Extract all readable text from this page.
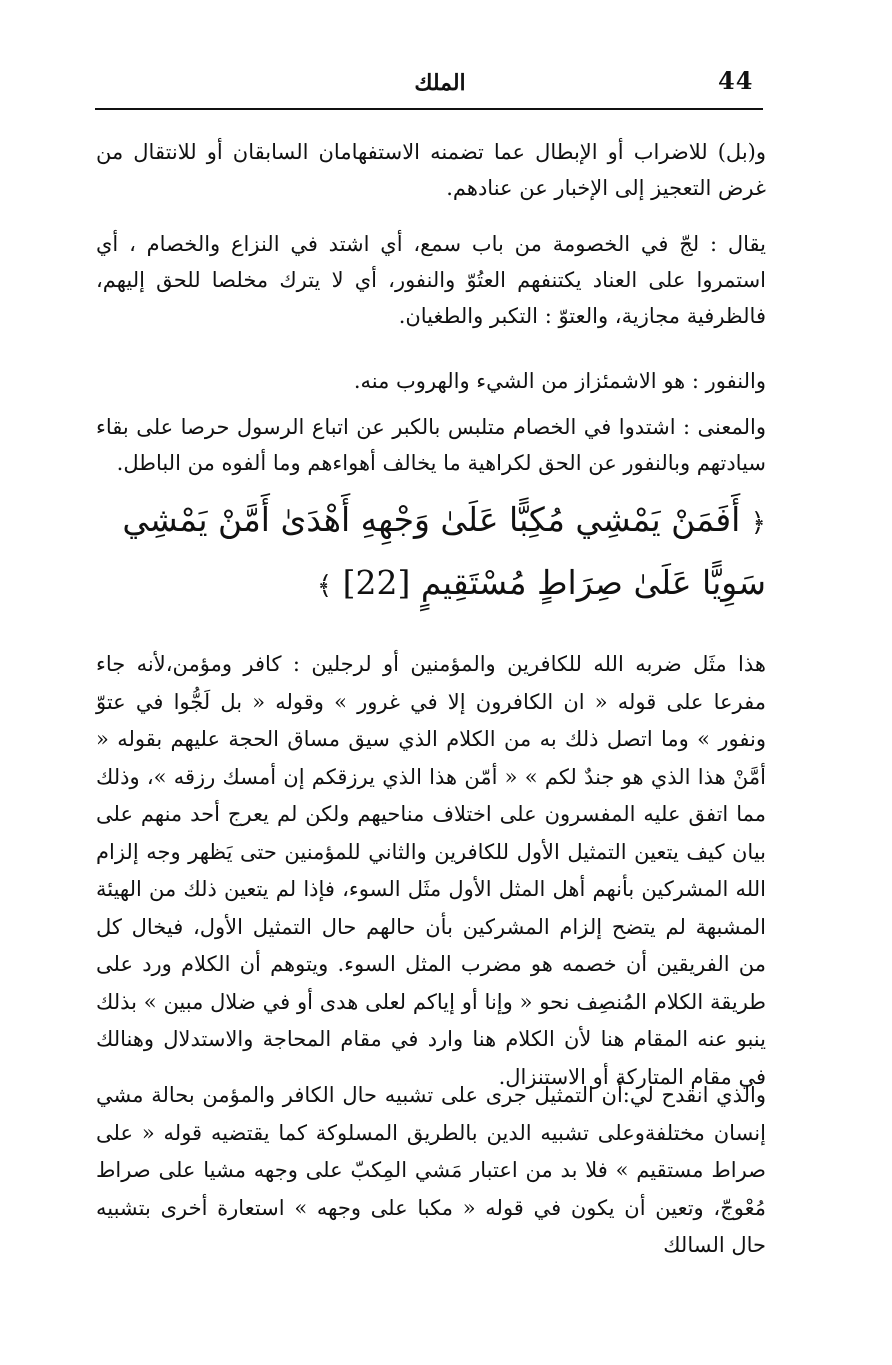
44
الملك

و(بل) للاضراب أو الإبطال عما تضمنه الاستفهامان السابقان أو للانتقال من غرض التعجيز إلى الإخبار عن عنادهم.

يقال : لجّ في الخصومة من باب سمع، أي اشتد في النزاع والخصام ، أي استمروا على العناد يكتنفهم العتُوّ والنفور، أي لا يترك مخلصا للحق إليهم، فالظرفية مجازية، والعتوّ : التكبر والطغيان.

والنفور : هو الاشمئزاز من الشيء والهروب منه.

والمعنى : اشتدوا في الخصام متلبس بالكبر عن اتباع الرسول حرصا على بقاء سيادتهم وبالنفور عن الحق لكراهية ما يخالف أهواءهم وما ألفوه من الباطل.

﴿ أَفَمَنْ يَمْشِي مُكِبًّا عَلَىٰ وَجْهِهِ أَهْدَىٰ أَمَّنْ يَمْشِي سَوِيًّا عَلَىٰ صِرَاطٍ مُسْتَقِيمٍ [22] ﴾

هذا مثَل ضربه الله للكافرين والمؤمنين أو لرجلين : كافر ومؤمن،لأنه جاء مفرعا على قوله « ان الكافرون إلا في غرور » وقوله « بل لَجُّوا في عتوّ ونفور » وما اتصل ذلك به من الكلام الذي سيق مساق الحجة عليهم بقوله « أمَّنْ هذا الذي هو جندٌ لكم » « أمّن هذا الذي يرزقكم إن أمسك رزقه »، وذلك مما اتفق عليه المفسرون على اختلاف مناحيهم ولكن لم يعرج أحد منهم على بيان كيف يتعين التمثيل الأول للكافرين والثاني للمؤمنين حتى يَظهر وجه إلزام الله المشركين بأنهم أهل المثل الأول مثَل السوء، فإذا لم يتعين ذلك من الهيئة المشبهة لم يتضح إلزام المشركين بأن حالهم حال التمثيل الأول، فيخال كل من الفريقين أن خصمه هو مضرب المثل السوء. ويتوهم أن الكلام ورد على طريقة الكلام المُنصِف نحو « وإنا أو إياكم لعلى هدى أو في ضلال مبين » بذلك ينبو عنه المقام هنا لأن الكلام هنا وارد في مقام المحاجة والاستدلال وهنالك في مقام المتاركة أو الاستنزال.

والذي انقدح لي:أن التمثيل جرى على تشبيه حال الكافر والمؤمن بحالة مشي إنسان مختلفةوعلى تشبيه الدين بالطريق المسلوكة كما يقتضيه قوله « على صراط مستقيم » فلا بد من اعتبار مَشي المِكبّ على وجهه مشيا على صراط مُعْوجّ، وتعين أن يكون في قوله « مكبا على وجهه » استعارة أخرى بتشبيه حال السالك
